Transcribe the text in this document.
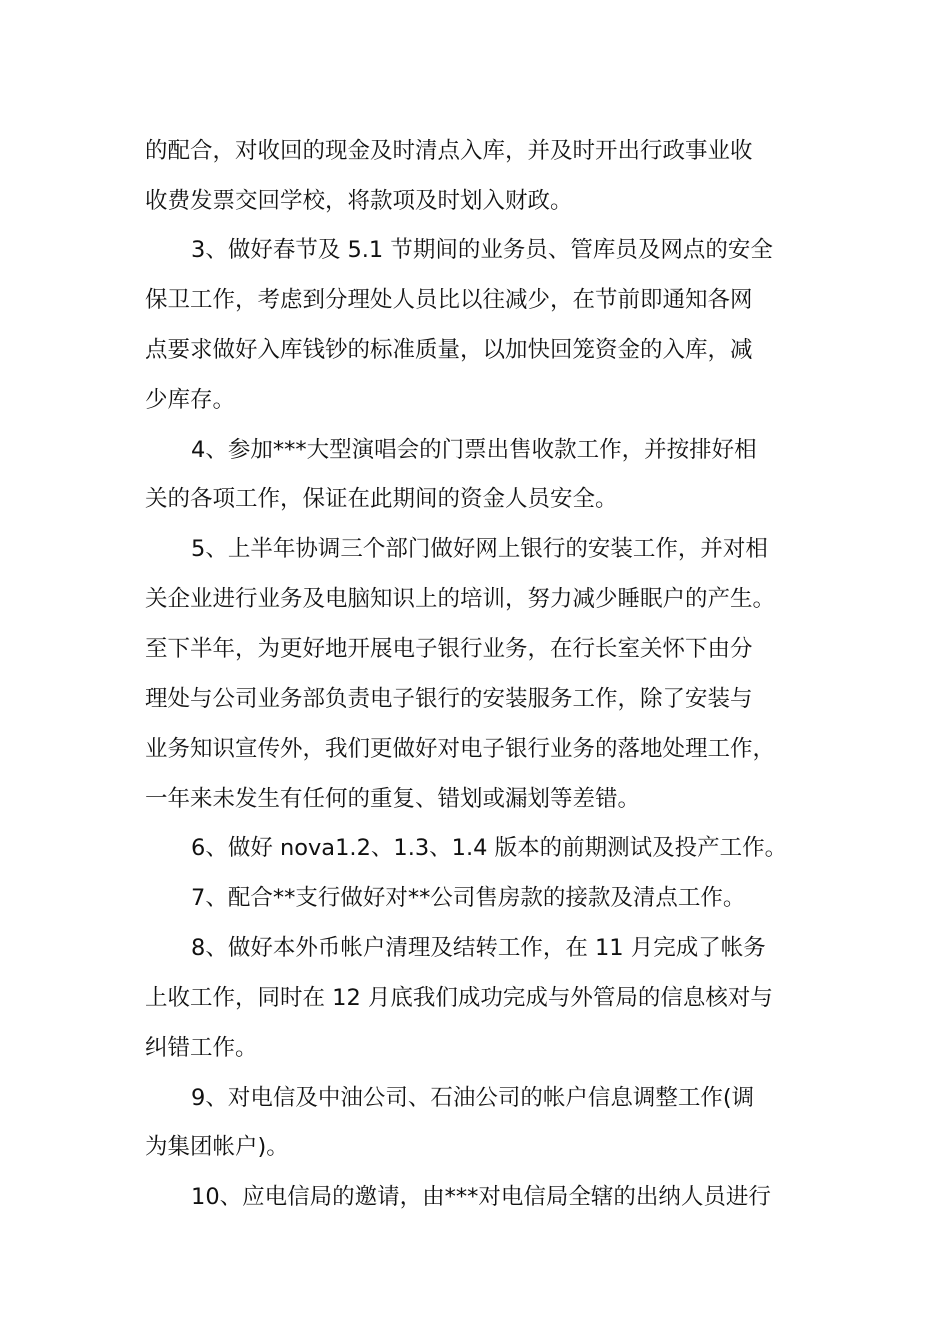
的配合，对收回的现金及时清点入库，并及时开出行政事业收
收费发票交回学校，将款项及时划入财政。
3、做好春节及 5.1 节期间的业务员、管库员及网点的安全
保卫工作，考虑到分理处人员比以往减少，在节前即通知各网
点要求做好入库钱钞的标准质量，以加快回笼资金的入库，减
少库存。
4、参加***大型演唱会的门票出售收款工作，并按排好相
关的各项工作，保证在此期间的资金人员安全。
5、上半年协调三个部门做好网上银行的安装工作，并对相
关企业进行业务及电脑知识上的培训，努力减少睡眠户的产生。
至下半年，为更好地开展电子银行业务，在行长室关怀下由分
理处与公司业务部负责电子银行的安装服务工作，除了安装与
业务知识宣传外，我们更做好对电子银行业务的落地处理工作，
一年来未发生有任何的重复、错划或漏划等差错。
6、做好 nova1.2、1.3、1.4 版本的前期测试及投产工作。
7、配合**支行做好对**公司售房款的接款及清点工作。
8、做好本外币帐户清理及结转工作，在 11 月完成了帐务
上收工作，同时在 12 月底我们成功完成与外管局的信息核对与
纠错工作。
9、对电信及中油公司、石油公司的帐户信息调整工作(调
为集团帐户)。
10、应电信局的邀请，由***对电信局全辖的出纳人员进行
